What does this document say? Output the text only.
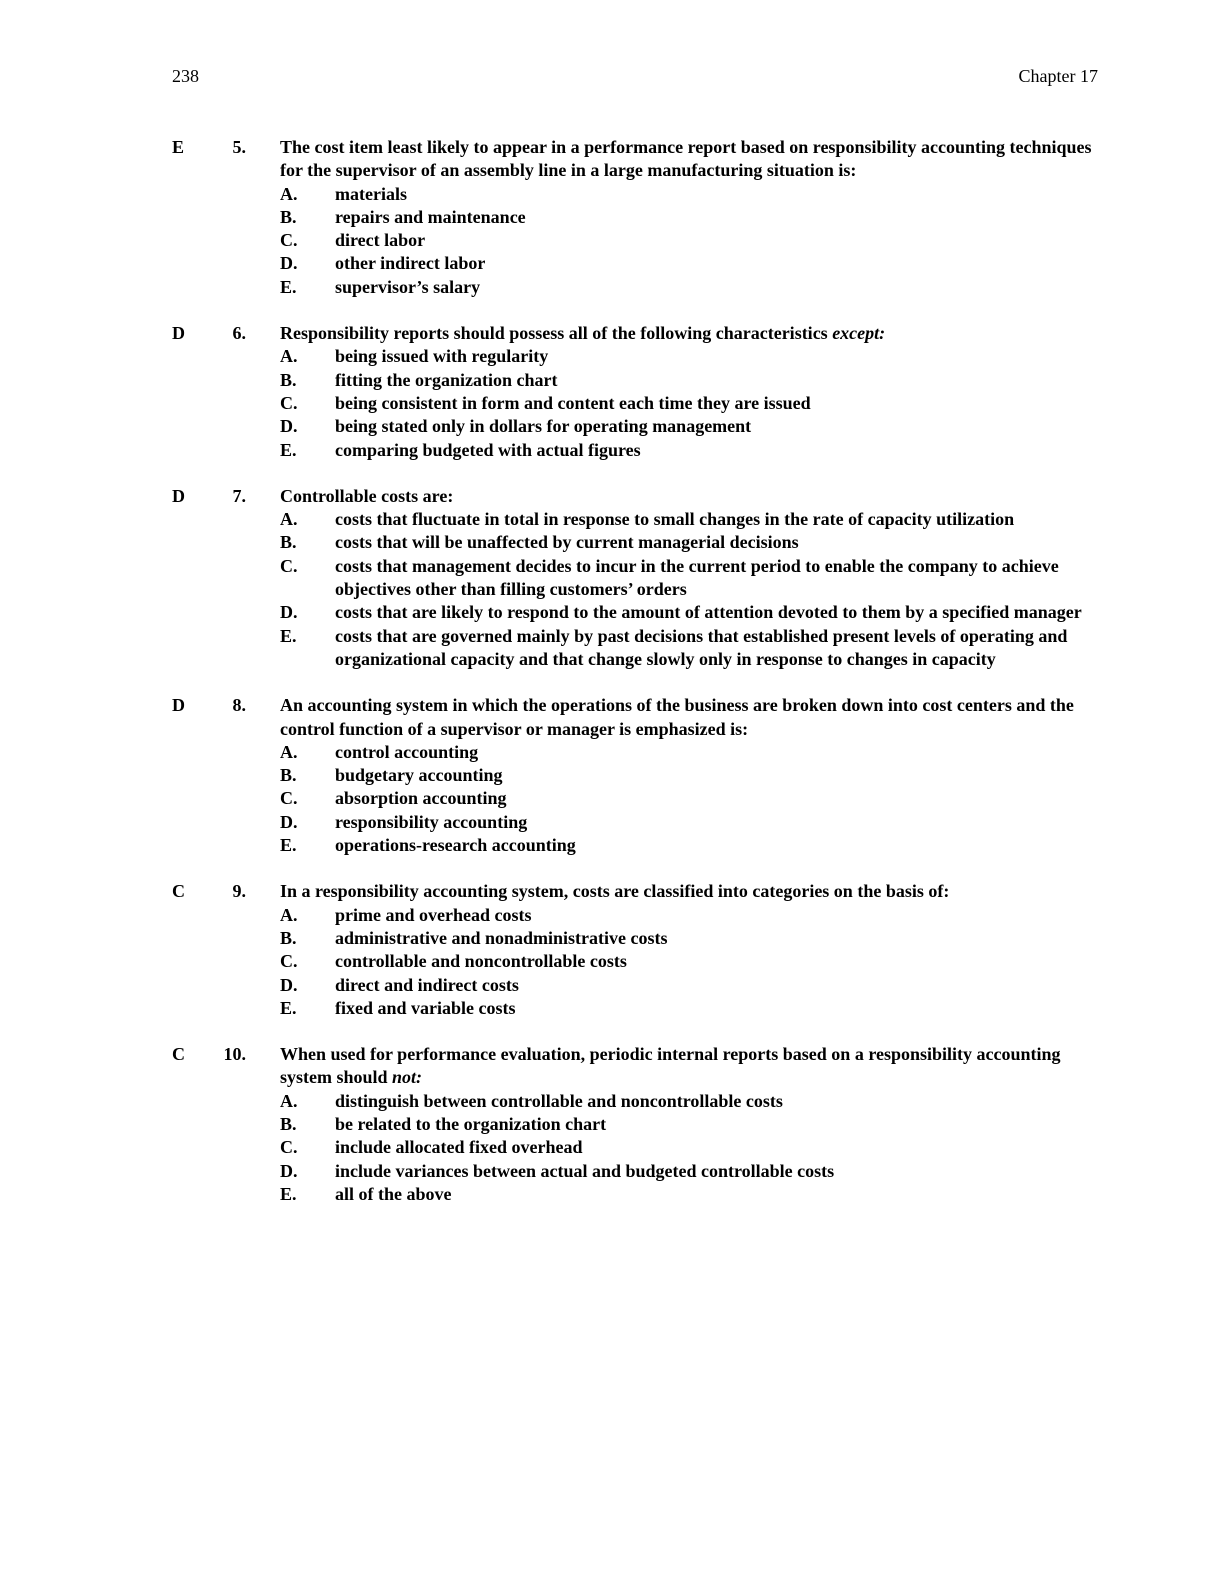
238	Chapter 17
E	5. The cost item least likely to appear in a performance report based on responsibility accounting techniques for the supervisor of an assembly line in a large manufacturing situation is:
A. materials
B. repairs and maintenance
C. direct labor
D. other indirect labor
E. supervisor’s salary
D	6. Responsibility reports should possess all of the following characteristics except:
A. being issued with regularity
B. fitting the organization chart
C. being consistent in form and content each time they are issued
D. being stated only in dollars for operating management
E. comparing budgeted with actual figures
D	7. Controllable costs are:
A. costs that fluctuate in total in response to small changes in the rate of capacity utilization
B. costs that will be unaffected by current managerial decisions
C. costs that management decides to incur in the current period to enable the company to achieve objectives other than filling customers’ orders
D. costs that are likely to respond to the amount of attention devoted to them by a specified manager
E. costs that are governed mainly by past decisions that established present levels of operating and organizational capacity and that change slowly only in response to changes in capacity
D	8. An accounting system in which the operations of the business are broken down into cost centers and the control function of a supervisor or manager is emphasized is:
A. control accounting
B. budgetary accounting
C. absorption accounting
D. responsibility accounting
E. operations-research accounting
C	9. In a responsibility accounting system, costs are classified into categories on the basis of:
A. prime and overhead costs
B. administrative and nonadministrative costs
C. controllable and noncontrollable costs
D. direct and indirect costs
E. fixed and variable costs
C	10. When used for performance evaluation, periodic internal reports based on a responsibility accounting system should not:
A. distinguish between controllable and noncontrollable costs
B. be related to the organization chart
C. include allocated fixed overhead
D. include variances between actual and budgeted controllable costs
E. all of the above
